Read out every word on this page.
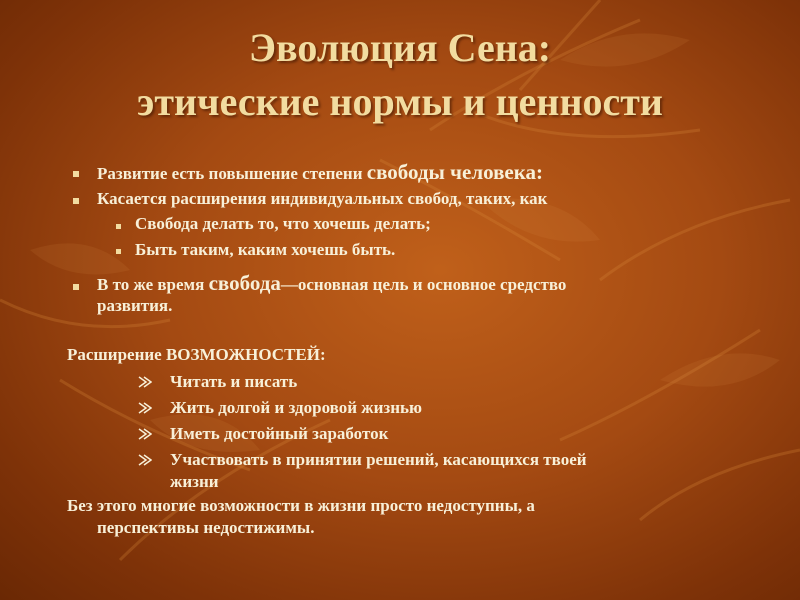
Эволюция Сена:
этические нормы и ценности
Развитие есть повышение степени свободы человека:
Касается расширения индивидуальных свобод, таких, как
Свобода делать то, что хочешь делать;
Быть таким, каким хочешь быть.
В то же время свобода—основная цель и основное средство
развития.
Расширение ВОЗМОЖНОСТЕЙ:
Читать и писать
Жить долгой и здоровой жизнью
Иметь достойный заработок
Участвовать в принятии решений, касающихся твоей
жизни
Без этого многие возможности в жизни просто недоступны, а
перспективы недостижимы.
